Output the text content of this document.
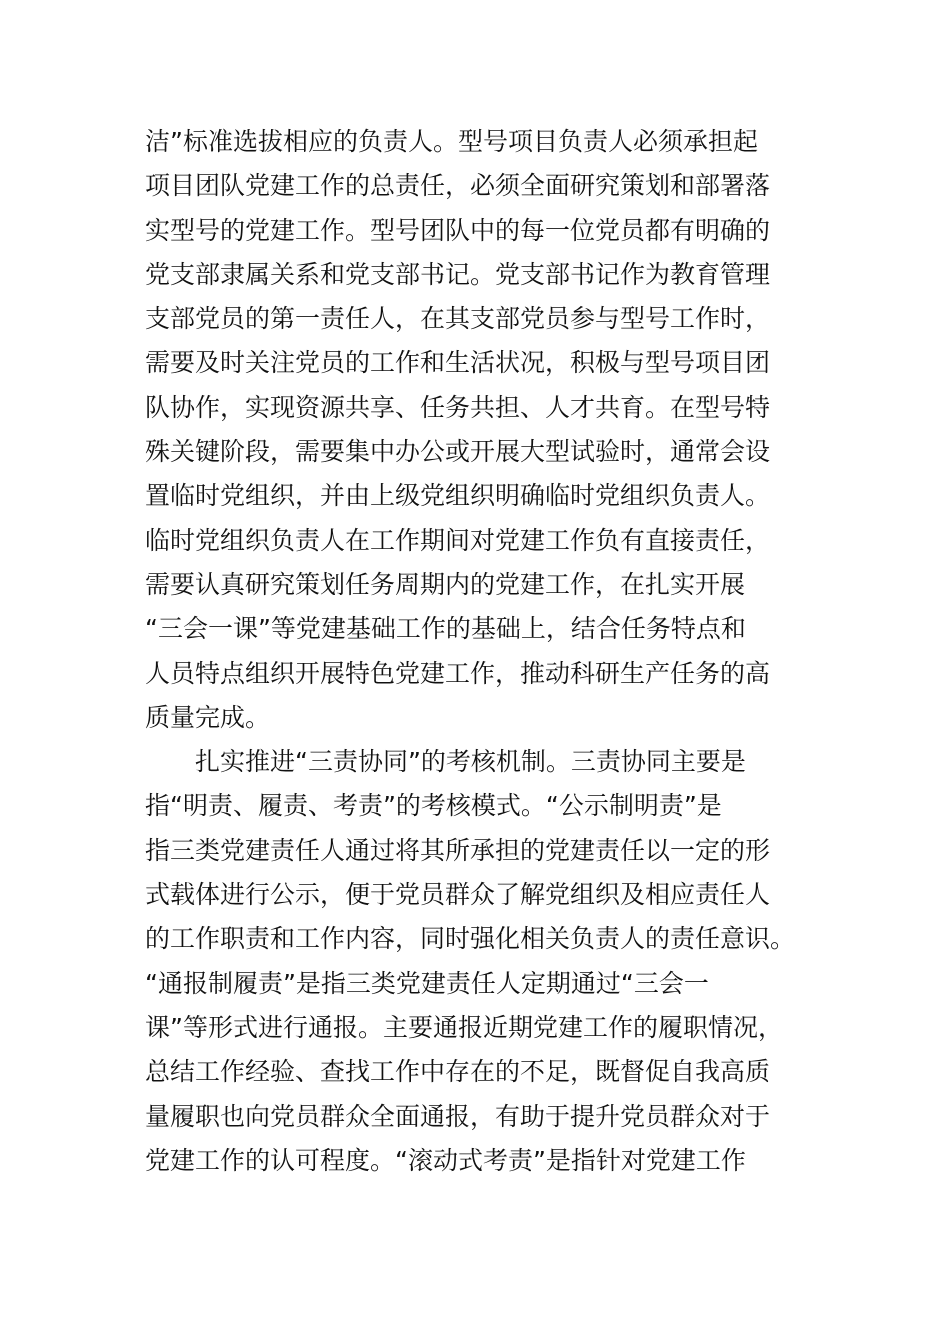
洁”标准选拔相应的负责人。型号项目负责人必须承担起
项目团队党建工作的总责任，必须全面研究策划和部署落
实型号的党建工作。型号团队中的每一位党员都有明确的
党支部隶属关系和党支部书记。党支部书记作为教育管理
支部党员的第一责任人，在其支部党员参与型号工作时，
需要及时关注党员的工作和生活状况，积极与型号项目团
队协作，实现资源共享、任务共担、人才共育。在型号特
殊关键阶段，需要集中办公或开展大型试验时，通常会设
置临时党组织，并由上级党组织明确临时党组织负责人。
临时党组织负责人在工作期间对党建工作负有直接责任，
需要认真研究策划任务周期内的党建工作，在扎实开展
“三会一课”等党建基础工作的基础上，结合任务特点和
人员特点组织开展特色党建工作，推动科研生产任务的高
质量完成。
扎实推进“三责协同”的考核机制。三责协同主要是
指“明责、履责、考责”的考核模式。“公示制明责”是
指三类党建责任人通过将其所承担的党建责任以一定的形
式载体进行公示，便于党员群众了解党组织及相应责任人
的工作职责和工作内容，同时强化相关负责人的责任意识。
“通报制履责”是指三类党建责任人定期通过“三会一
课”等形式进行通报。主要通报近期党建工作的履职情况，
总结工作经验、查找工作中存在的不足，既督促自我高质
量履职也向党员群众全面通报，有助于提升党员群众对于
党建工作的认可程度。“滚动式考责”是指针对党建工作
